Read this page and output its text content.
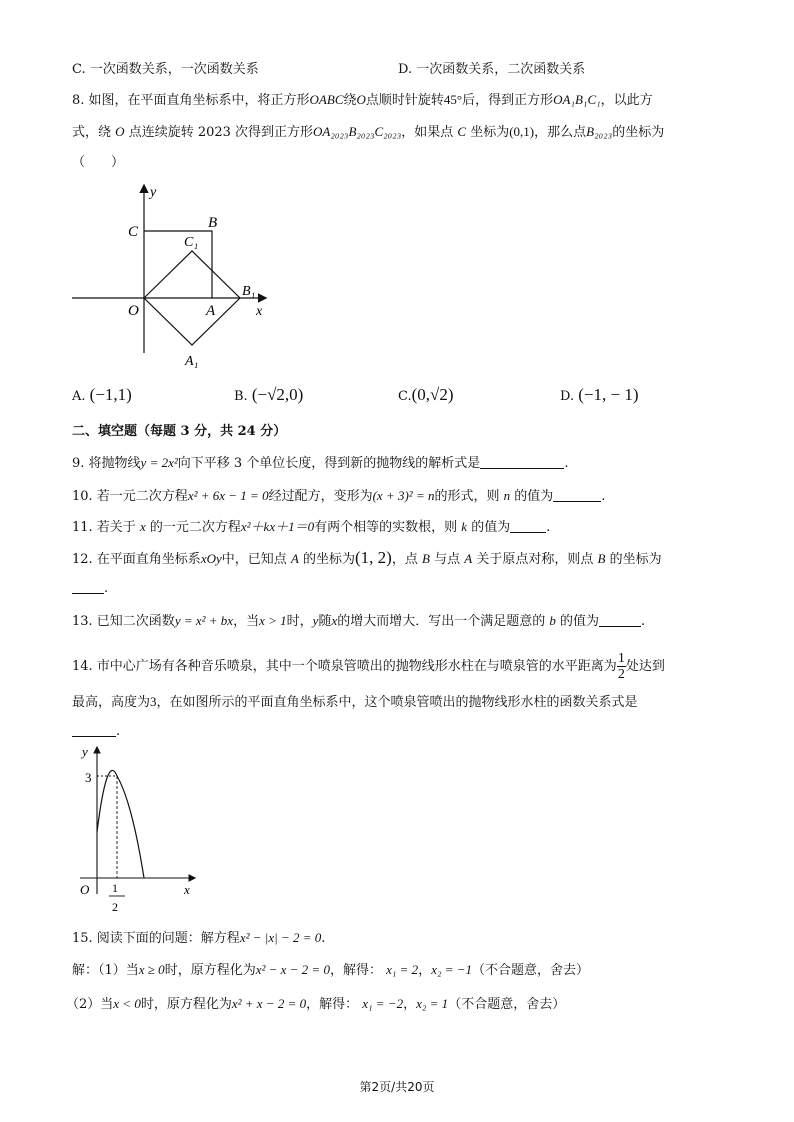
C. 一次函数关系，一次函数关系	D. 一次函数关系，二次函数关系
8. 如图，在平面直角坐标系中，将正方形OABC绕O点顺时针旋转45°后，得到正方形OA₁B₁C₁，以此方
式，绕 O 点连续旋转 2023 次得到正方形OA₂₀₂₃B₂₀₂₃C₂₀₂₃，如果点 C 坐标为(0,1)，那么点B₂₀₂₃的坐标为
（　　）
y
x
C
B
C₁
O	A
B₁
A₁
A. (−1,1)	B. (−√2,0)	C.(0,√2)	D. (−1, − 1)
二、填空题（每题 3 分，共 24 分）
9. 将抛物线y = 2x²向下平移 3 个单位长度，得到新的抛物线的解析式是	.
10. 若一元二次方程x² + 6x − 1 = 0经过配方，变形为(x + 3)² = n的形式，则 n 的值为	.
11. 若关于 x 的一元二次方程x²＋kx＋1＝0有两个相等的实数根，则 k 的值为	.
12. 在平面直角坐标系xOy中，已知点 A 的坐标为(1, 2)，点 B 与点 A 关于原点对称，则点 B 的坐标为
.
13. 已知二次函数y = x² + bx，当x > 1时，y随x的增大而增大．写出一个满足题意的 b 的值为	.
14. 市中心广场有各种音乐喷泉，其中一个喷泉管喷出的抛物线形水柱在与喷泉管的水平距离为 $\frac{1}{2}$ 处达到
最高，高度为3，在如图所示的平面直角坐标系中，这个喷泉管喷出的抛物线形水柱的函数关系式是
.
y
3
O	x
1
2
15. 阅读下面的问题：解方程x² − |x| − 2 = 0.
解：（1）当x ≥ 0时，原方程化为x² − x − 2 = 0，解得： x₁ = 2，x₂ = −1（不合题意，舍去）
（2）当x < 0时，原方程化为x² + x − 2 = 0，解得： x₁ = −2，x₂ = 1（不合题意，舍去）
第2页/共20页
